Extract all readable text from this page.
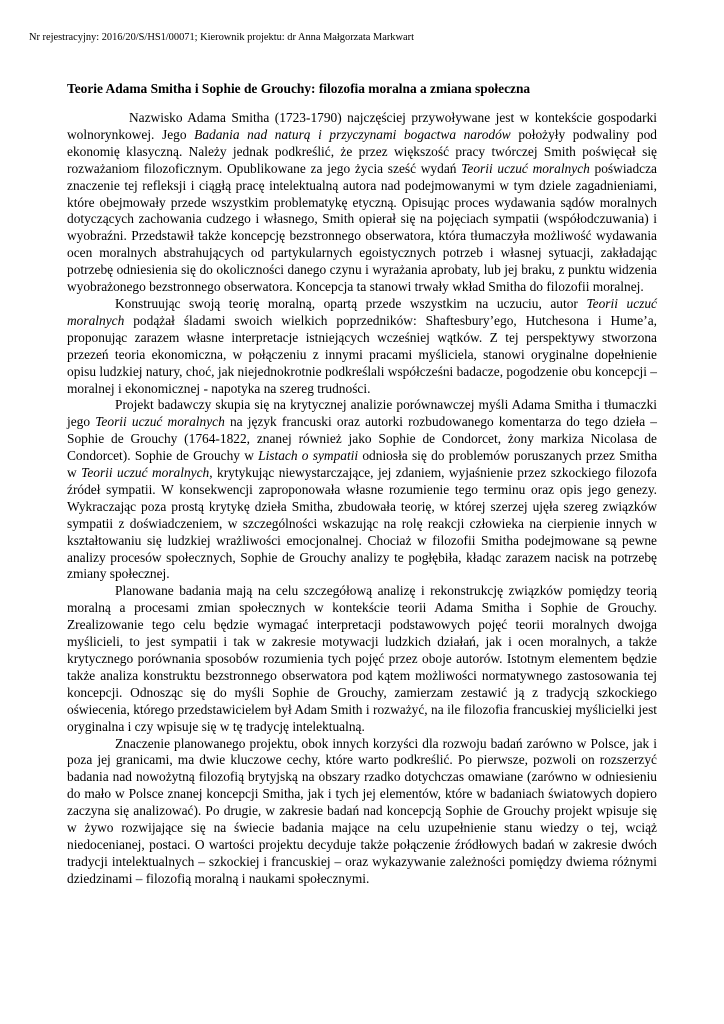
Nr rejestracyjny: 2016/20/S/HS1/00071; Kierownik projektu: dr Anna Małgorzata Markwart
Teorie Adama Smitha i Sophie de Grouchy: filozofia moralna a zmiana społeczna

Nazwisko Adama Smitha (1723-1790) najczęściej przywoływane jest w kontekście gospodarki wolnorynkowej. Jego Badania nad naturą i przyczynami bogactwa narodów położyły podwaliny pod ekonomię klasyczną. Należy jednak podkreślić, że przez większość pracy twórczej Smith poświęcał się rozważaniom filozoficznym. Opublikowane za jego życia sześć wydań Teorii uczuć moralnych poświadcza znaczenie tej refleksji i ciągłą pracę intelektualną autora nad podejmowanymi w tym dziele zagadnieniami, które obejmowały przede wszystkim problematykę etyczną. Opisując proces wydawania sądów moralnych dotyczących zachowania cudzego i własnego, Smith opierał się na pojęciach sympatii (współodczuwania) i wyobraźni. Przedstawił także koncepcję bezstronnego obserwatora, która tłumaczyła możliwość wydawania ocen moralnych abstrahujących od partykularnych egoistycznych potrzeb i własnej sytuacji, zakładając potrzebę odniesienia się do okoliczności danego czynu i wyrażania aprobaty, lub jej braku, z punktu widzenia wyobrażonego bezstronnego obserwatora. Koncepcja ta stanowi trwały wkład Smitha do filozofii moralnej.

Konstruując swoją teorię moralną, opartą przede wszystkim na uczuciu, autor Teorii uczuć moralnych podążał śladami swoich wielkich poprzedników: Shaftesbury’ego, Hutchesona i Hume’a, proponując zarazem własne interpretacje istniejących wcześniej wątków. Z tej perspektywy stworzona przezeń teoria ekonomiczna, w połączeniu z innymi pracami myśliciela, stanowi oryginalne dopełnienie opisu ludzkiej natury, choć, jak niejednokrotnie podkreślali współcześni badacze, pogodzenie obu koncepcji – moralnej i ekonomicznej - napotyka na szereg trudności.

Projekt badawczy skupia się na krytycznej analizie porównawczej myśli Adama Smitha i tłumaczki jego Teorii uczuć moralnych na język francuski oraz autorki rozbudowanego komentarza do tego dzieła – Sophie de Grouchy (1764-1822, znanej również jako Sophie de Condorcet, żony markiza Nicolasa de Condorcet). Sophie de Grouchy w Listach o sympatii odniosła się do problemów poruszanych przez Smitha w Teorii uczuć moralnych, krytykując niewystarczające, jej zdaniem, wyjaśnienie przez szkockiego filozofa źródeł sympatii. W konsekwencji zaproponowała własne rozumienie tego terminu oraz opis jego genezy. Wykraczając poza prostą krytykę dzieła Smitha, zbudowała teorię, w której szerzej ujęła szereg związków sympatii z doświadczeniem, w szczególności wskazując na rolę reakcji człowieka na cierpienie innych w kształtowaniu się ludzkiej wrażliwości emocjonalnej. Chociaż w filozofii Smitha podejmowane są pewne analizy procesów społecznych, Sophie de Grouchy analizy te pogłębiła, kładąc zarazem nacisk na potrzebę zmiany społecznej.

Planowane badania mają na celu szczegółową analizę i rekonstrukcję związków pomiędzy teorią moralną a procesami zmian społecznych w kontekście teorii Adama Smitha i Sophie de Grouchy. Zrealizowanie tego celu będzie wymagać interpretacji podstawowych pojęć teorii moralnych dwojga myślicieli, to jest sympatii i tak w zakresie motywacji ludzkich działań, jak i ocen moralnych, a także krytycznego porównania sposobów rozumienia tych pojęć przez oboje autorów. Istotnym elementem będzie także analiza konstruktu bezstronnego obserwatora pod kątem możliwości normatywnego zastosowania tej koncepcji. Odnosząc się do myśli Sophie de Grouchy, zamierzam zestawić ją z tradycją szkockiego oświecenia, którego przedstawicielem był Adam Smith i rozważyć, na ile filozofia francuskiej myślicielki jest oryginalna i czy wpisuje się w tę tradycję intelektualną.

Znaczenie planowanego projektu, obok innych korzyści dla rozwoju badań zarówno w Polsce, jak i poza jej granicami, ma dwie kluczowe cechy, które warto podkreślić. Po pierwsze, pozwoli on rozszerzyć badania nad nowożytną filozofią brytyjską na obszary rzadko dotychczas omawiane (zarówno w odniesieniu do mało w Polsce znanej koncepcji Smitha, jak i tych jej elementów, które w badaniach światowych dopiero zaczyna się analizować). Po drugie, w zakresie badań nad koncepcją Sophie de Grouchy projekt wpisuje się w żywo rozwijające się na świecie badania mające na celu uzupełnienie stanu wiedzy o tej, wciąż niedocenianej, postaci. O wartości projektu decyduje także połączenie źródłowych badań w zakresie dwóch tradycji intelektualnych – szkockiej i francuskiej – oraz wykazywanie zależności pomiędzy dwiema różnymi dziedzinami – filozofią moralną i naukami społecznymi.
